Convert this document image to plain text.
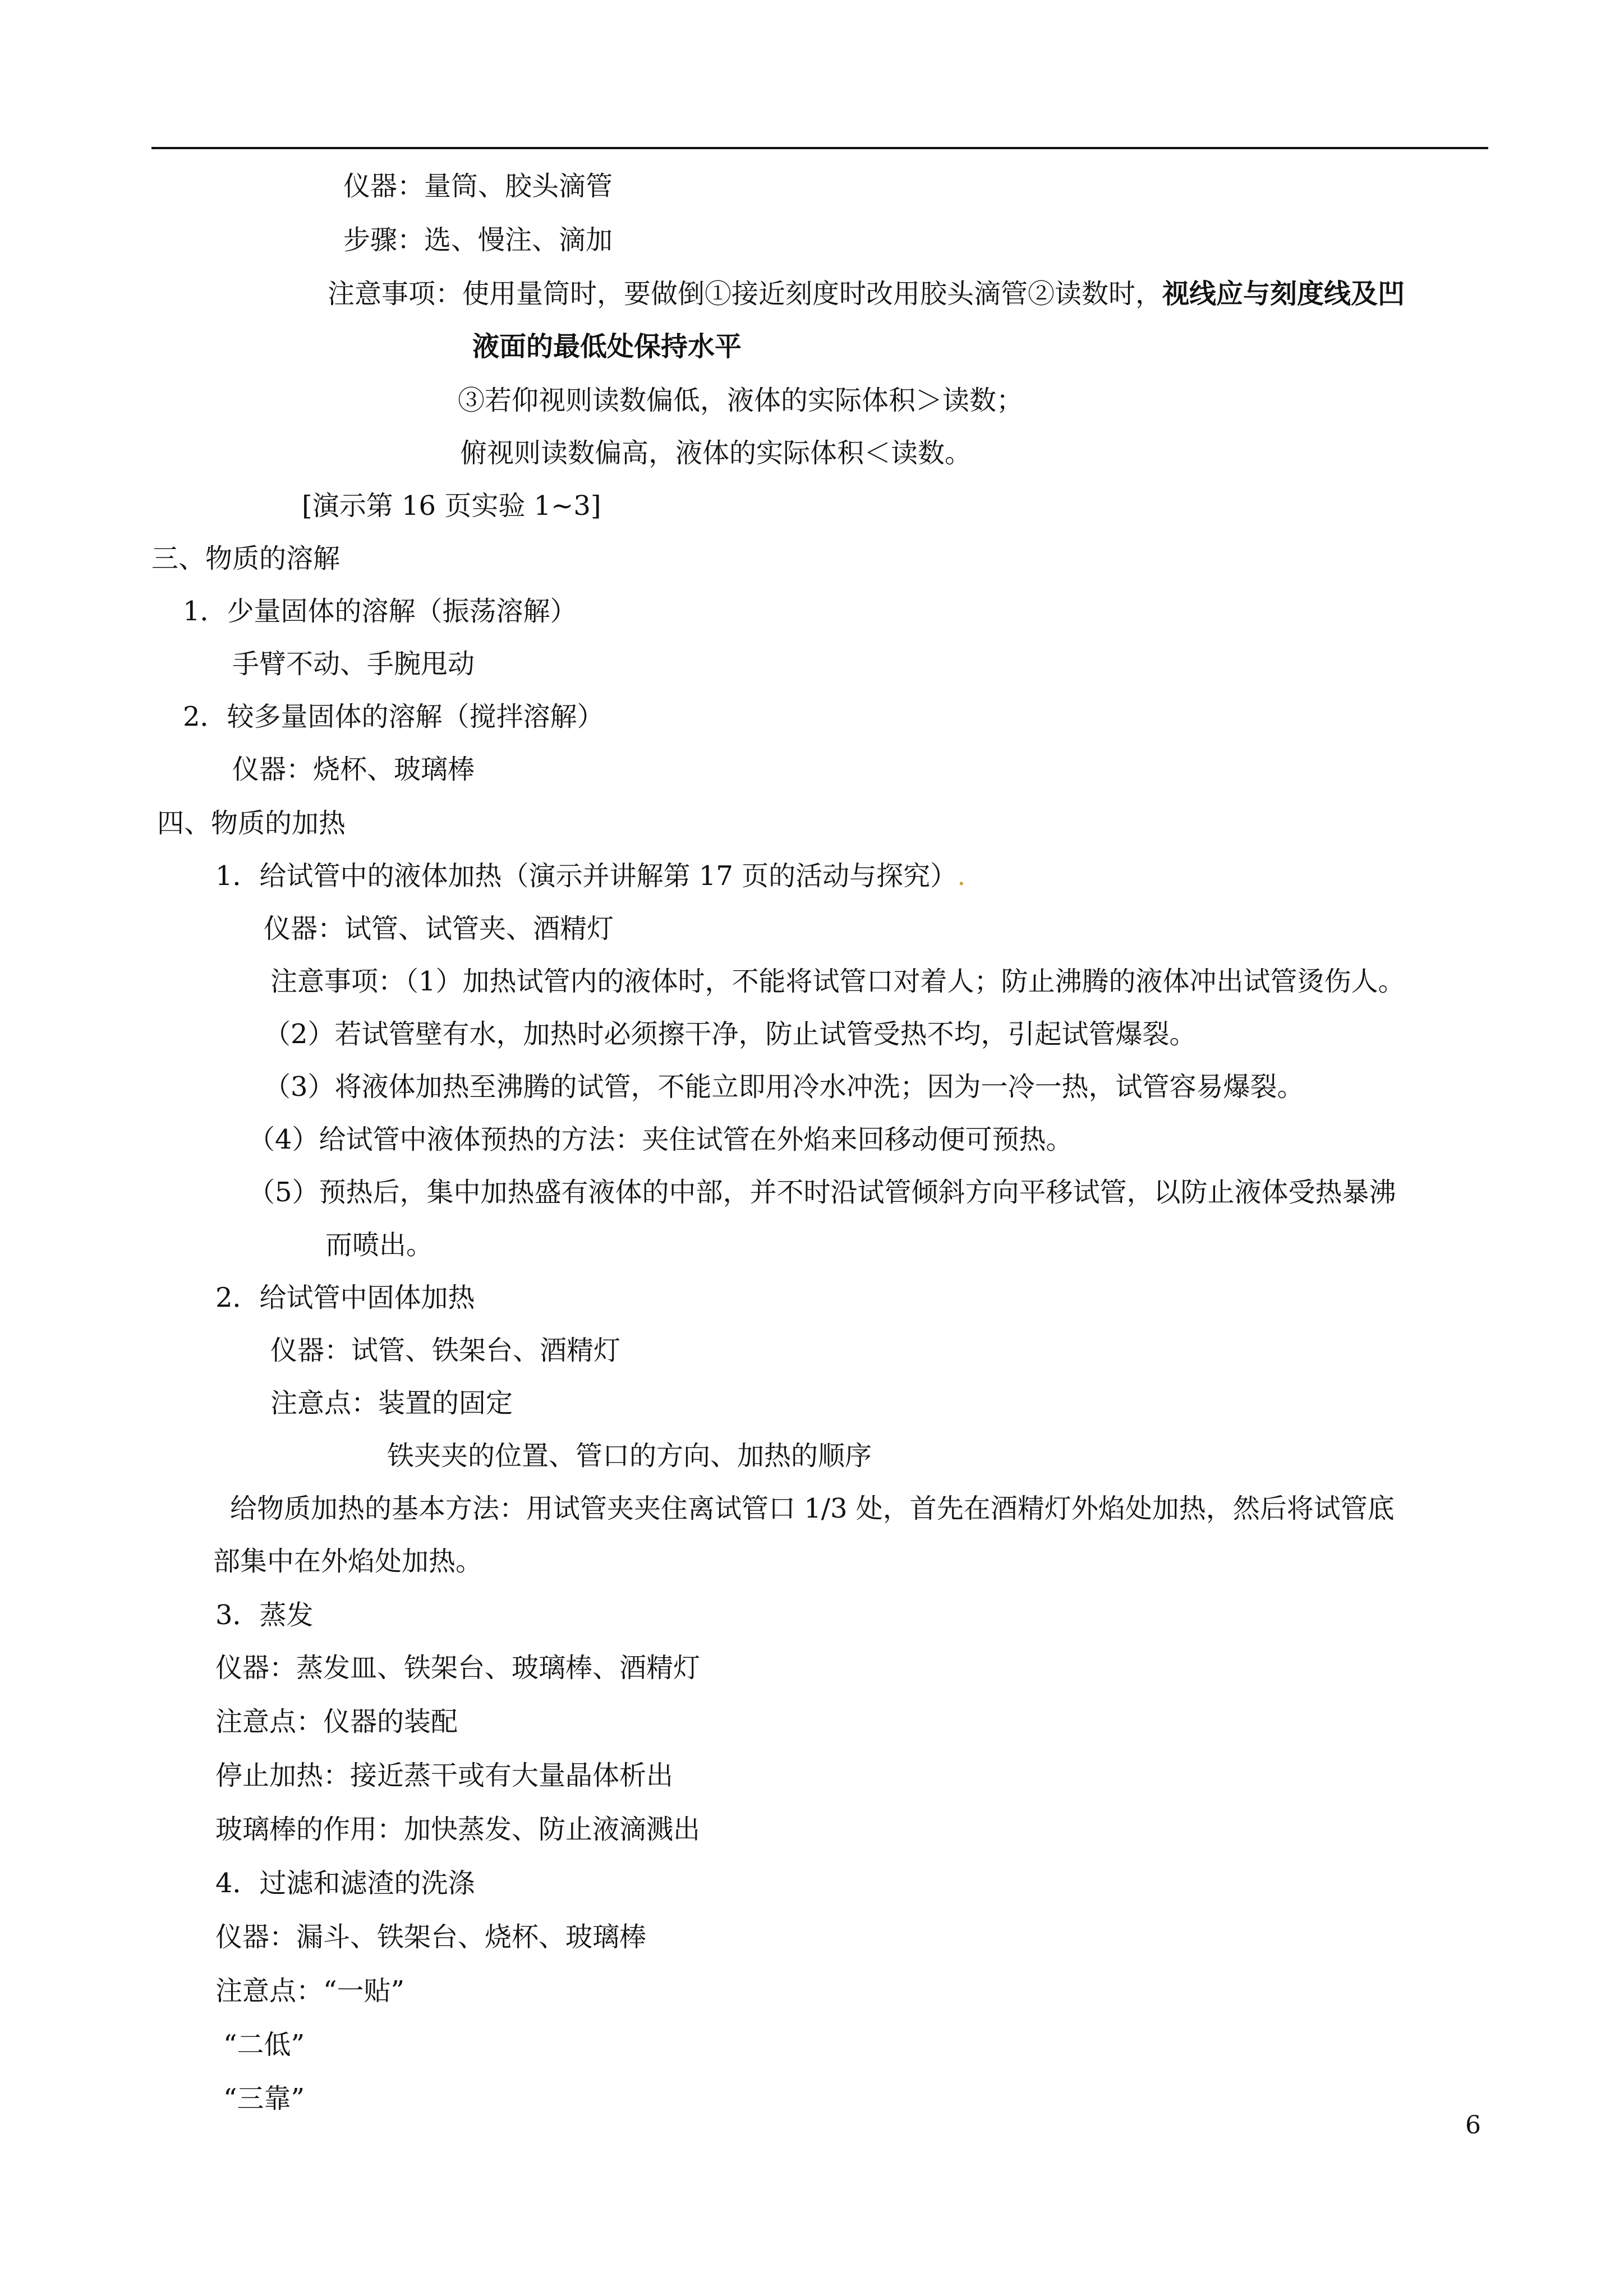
仪器：量筒、胶头滴管
步骤：选、慢注、滴加
注意事项：使用量筒时，要做倒①接近刻度时改用胶头滴管②读数时，视线应与刻度线及凹
液面的最低处保持水平
③若仰视则读数偏低，液体的实际体积＞读数；
俯视则读数偏高，液体的实际体积＜读数。
[演示第 16 页实验 1~3]
三、物质的溶解
1．少量固体的溶解（振荡溶解）
手臂不动、手腕甩动
2．较多量固体的溶解（搅拌溶解）
仪器：烧杯、玻璃棒
四、物质的加热
1．给试管中的液体加热（演示并讲解第 17 页的活动与探究）.
仪器：试管、试管夹、酒精灯
注意事项：（1）加热试管内的液体时，不能将试管口对着人；防止沸腾的液体冲出试管烫伤人。
（2）若试管壁有水，加热时必须擦干净，防止试管受热不均，引起试管爆裂。
（3）将液体加热至沸腾的试管，不能立即用冷水冲洗；因为一冷一热，试管容易爆裂。
（4）给试管中液体预热的方法：夹住试管在外焰来回移动便可预热。
（5）预热后，集中加热盛有液体的中部，并不时沿试管倾斜方向平移试管，以防止液体受热暴沸
而喷出。
2．给试管中固体加热
仪器：试管、铁架台、酒精灯
注意点：装置的固定
铁夹夹的位置、管口的方向、加热的顺序
给物质加热的基本方法：用试管夹夹住离试管口 1/3 处，首先在酒精灯外焰处加热，然后将试管底
部集中在外焰处加热。
3．蒸发
仪器：蒸发皿、铁架台、玻璃棒、酒精灯
注意点：仪器的装配
停止加热：接近蒸干或有大量晶体析出
玻璃棒的作用：加快蒸发、防止液滴溅出
4．过滤和滤渣的洗涤
仪器：漏斗、铁架台、烧杯、玻璃棒
注意点：“一贴”
“二低”
“三靠”
6
